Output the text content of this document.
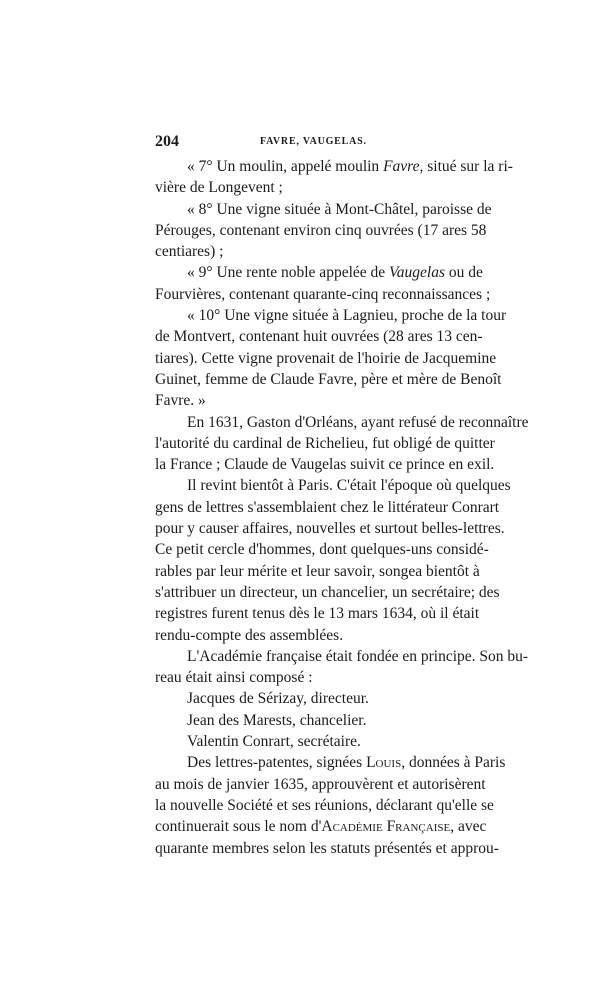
204	FAVRE, VAUGELAS.
« 7° Un moulin, appelé moulin Favre, situé sur la ri-
vière de Longevent ;
« 8° Une vigne située à Mont-Châtel, paroisse de
Pérouges, contenant environ cinq ouvrées (17 ares 58
centiares) ;
« 9° Une rente noble appelée de Vaugelas ou de
Fourvières, contenant quarante-cinq reconnaissances ;
« 10° Une vigne située à Lagnieu, proche de la tour
de Montvert, contenant huit ouvrées (28 ares 13 cen-
tiares). Cette vigne provenait de l'hoirie de Jacquemine
Guinet, femme de Claude Favre, père et mère de Benoît
Favre. »
En 1631, Gaston d'Orléans, ayant refusé de reconnaître
l'autorité du cardinal de Richelieu, fut obligé de quitter
la France ; Claude de Vaugelas suivit ce prince en exil.
Il revint bientôt à Paris. C'était l'époque où quelques
gens de lettres s'assemblaient chez le littérateur Conrart
pour y causer affaires, nouvelles et surtout belles-lettres.
Ce petit cercle d'hommes, dont quelques-uns considé-
rables par leur mérite et leur savoir, songea bientôt à
s'attribuer un directeur, un chancelier, un secrétaire; des
registres furent tenus dès le 13 mars 1634, où il était
rendu-compte des assemblées.
L'Académie française était fondée en principe. Son bu-
reau était ainsi composé :
Jacques de Sérizay, directeur.
Jean des Marests, chancelier.
Valentin Conrart, secrétaire.
Des lettres-patentes, signées Louis, données à Paris
au mois de janvier 1635, approuvèrent et autorisèrent
la nouvelle Société et ses réunions, déclarant qu'elle se
continuerait sous le nom d'Académie Française, avec
quarante membres selon les statuts présentés et approu-
